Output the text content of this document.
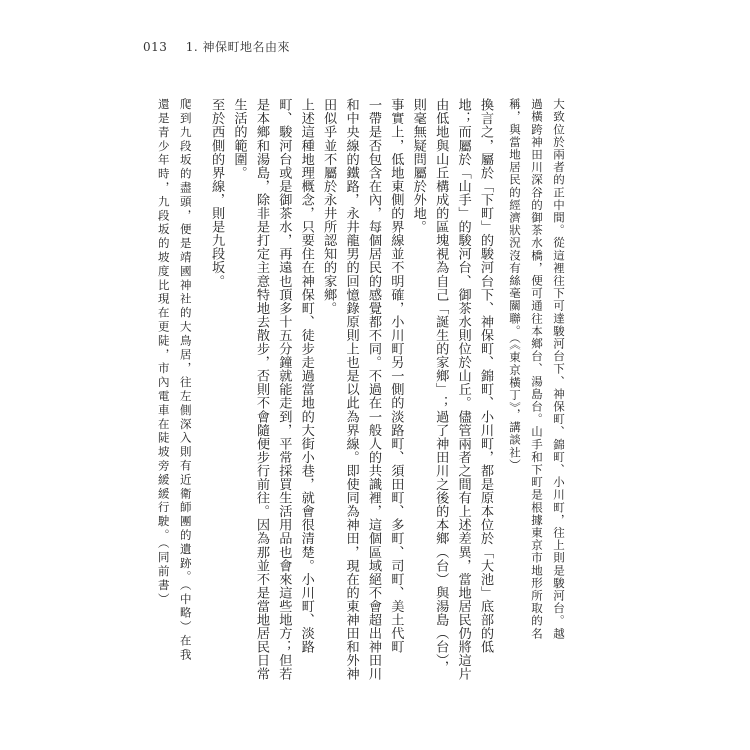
013 1. 神保町地名由來

大致位於兩者的正中間。從這裡往下可達駿河台下、神保町、錦町、小川町，往上則是駿河台。越
過橫跨神田川深谷的御茶水橋，便可通往本鄉台、湯島台。山手和下町是根據東京市地形所取的名
稱，與當地居民的經濟狀況沒有絲毫關聯。（《東京橫丁》，講談社）

換言之，屬於「下町」的駿河台下、神保町、錦町、小川町，都是原本位於「大池」底部的低
地；而屬於「山手」的駿河台、御茶水則位於山丘。儘管兩者之間有上述差異，當地居民仍將這片
由低地與山丘構成的區塊視為自己「誕生的家鄉」；過了神田川之後的本鄉（台）與湯島（台），
則毫無疑問屬於外地。

事實上，低地東側的界線並不明確，小川町另一側的淡路町、須田町、多町、司町、美土代町
一帶是否包含在內，每個居民的感覺都不同。不過在一般人的共識裡，這個區域絕不會超出神田川
和中央線的鐵路，永井龍男的回憶錄原則上也是以此為界線。即使同為神田，現在的東神田和外神
田似乎並不屬於永井所認知的家鄉。

上述這種地理概念，只要住在神保町、徒步走過當地的大街小巷，就會很清楚。小川町、淡路
町、駿河台或是御茶水，再遠也頂多十五分鐘就能走到，平常採買生活用品也會來這些地方；但若
是本鄉和湯島，除非是打定主意特地去散步，否則不會隨便步行前往。因為那並不是當地居民日常
生活的範圍。

至於西側的界線，則是九段坂。

爬到九段坂的盡頭，便是靖國神社的大鳥居，往左側深入則有近衛師團的遺跡。（中略）在我
還是青少年時，九段坂的坡度比現在更陡，市內電車在陡坡旁緩緩行駛。（同前書）
